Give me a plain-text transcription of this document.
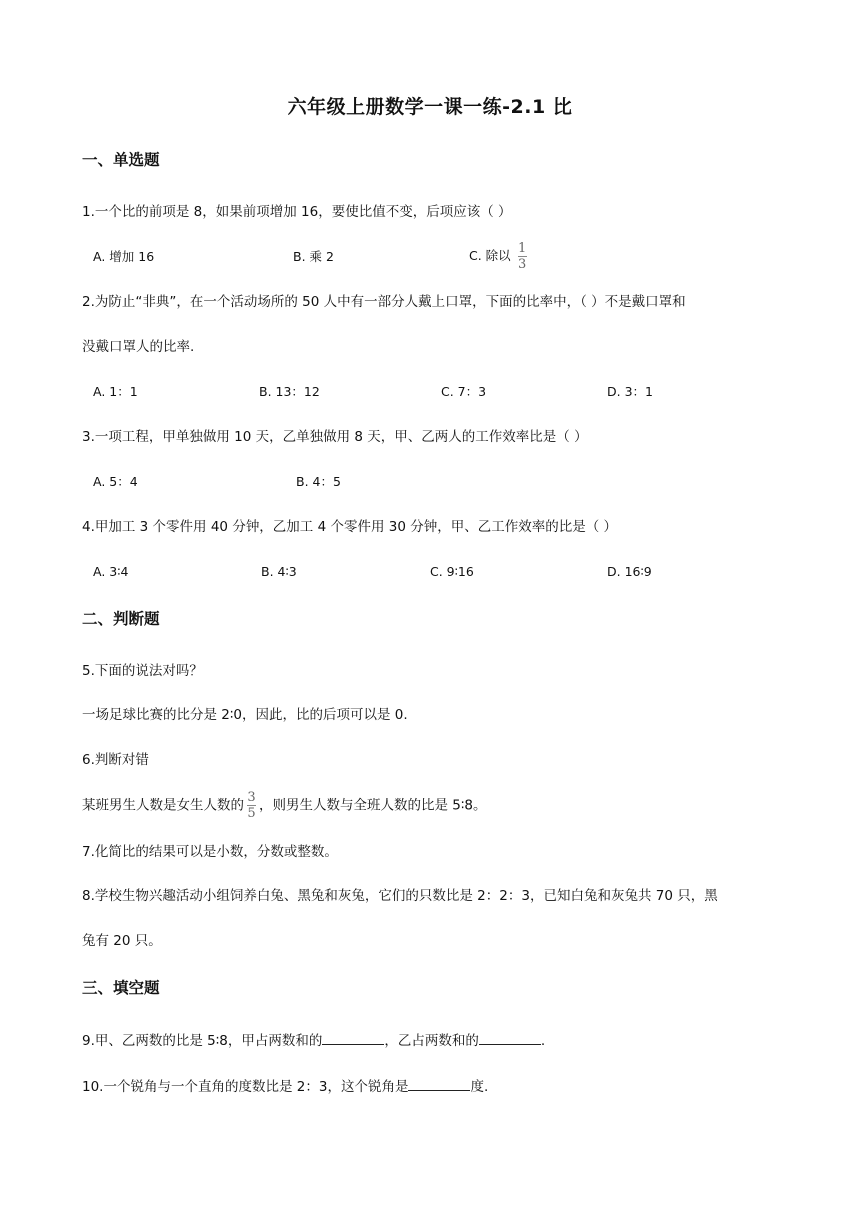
六年级上册数学一课一练-2.1 比
一、单选题
1.一个比的前项是 8，如果前项增加 16，要使比值不变，后项应该（ ）
A. 增加 16	B. 乘 2	C. 除以 $\frac{1}{3}$
2.为防止“非典”，在一个活动场所的 50 人中有一部分人戴上口罩，下面的比率中，（ ）不是戴口罩和
没戴口罩人的比率.
A. 1：1	B. 13：12	C. 7：3	D. 3：1
3.一项工程，甲单独做用 10 天，乙单独做用 8 天，甲、乙两人的工作效率比是（ ）
A. 5：4	B. 4：5
4.甲加工 3 个零件用 40 分钟，乙加工 4 个零件用 30 分钟，甲、乙工作效率的比是（ ）
A. 3∶4	B. 4∶3	C. 9∶16	D. 16∶9
二、判断题
5.下面的说法对吗？
一场足球比赛的比分是 2∶0，因此，比的后项可以是 0.
6.判断对错
某班男生人数是女生人数的 $\frac{3}{5}$ ，则男生人数与全班人数的比是 5∶8。
7.化简比的结果可以是小数，分数或整数。
8.学校生物兴趣活动小组饲养白兔、黑兔和灰兔，它们的只数比是 2：2：3，已知白兔和灰兔共 70 只，黑
兔有 20 只。
三、填空题
9.甲、乙两数的比是 5∶8，甲占两数和的	，乙占两数和的	.
10.一个锐角与一个直角的度数比是 2：3，这个锐角是	度.
